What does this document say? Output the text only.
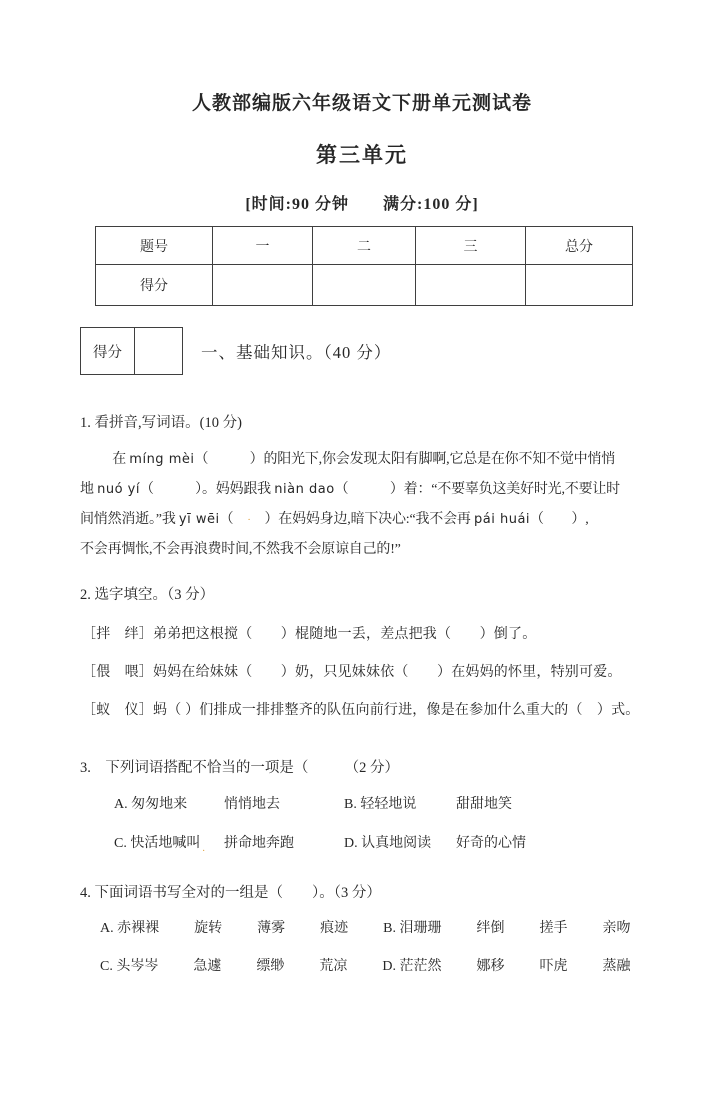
人教部编版六年级语文下册单元测试卷
第三单元
[时间:90 分钟　　满分:100 分]
题号	一	二	三	总分
得分				
得分	一、基础知识。（40 分）
1. 看拼音,写词语。(10 分)
在 míng mèi（　　　）的阳光下,你会发现太阳有脚啊,它总是在你不知不觉中悄悄
地 nuó yí（　　　）。妈妈跟我 niàn dao（　　　）着：“不要辜负这美好时光,不要让时
间悄然消逝。”我 yī wēi（　·　）在妈妈身边,暗下决心:“我不会再 pái huái（　　）,
不会再惆怅,不会再浪费时间,不然我不会原谅自己的!”
2. 选字填空。（3 分）
［拌　绊］弟弟把这根搅（　　）棍随地一丢，差点把我（　　）倒了。
［偎　喂］妈妈在给妹妹（　　）奶，只见妹妹依（　　）在妈妈的怀里，特别可爱。
［蚁　仪］蚂（ ）们排成一排排整齐的队伍向前行进，像是在参加什么重大的（　）式。
3.　下列词语搭配不恰当的一项是（　　　（2 分）
A. 匆匆地来	悄悄地去	B. 轻轻地说	甜甜地笑
·
C. 快活地喊叫	拼命地奔跑	D. 认真地阅读	好奇的心情
4. 下面词语书写全对的一组是（　　）。（3 分）
A. 赤裸裸	旋转	薄雾	痕迹	B. 泪珊珊	绊倒	搓手	亲吻
C. 头岑岑	急遽	缥缈	荒凉	D. 茫茫然	娜移	吓虎	蒸融
